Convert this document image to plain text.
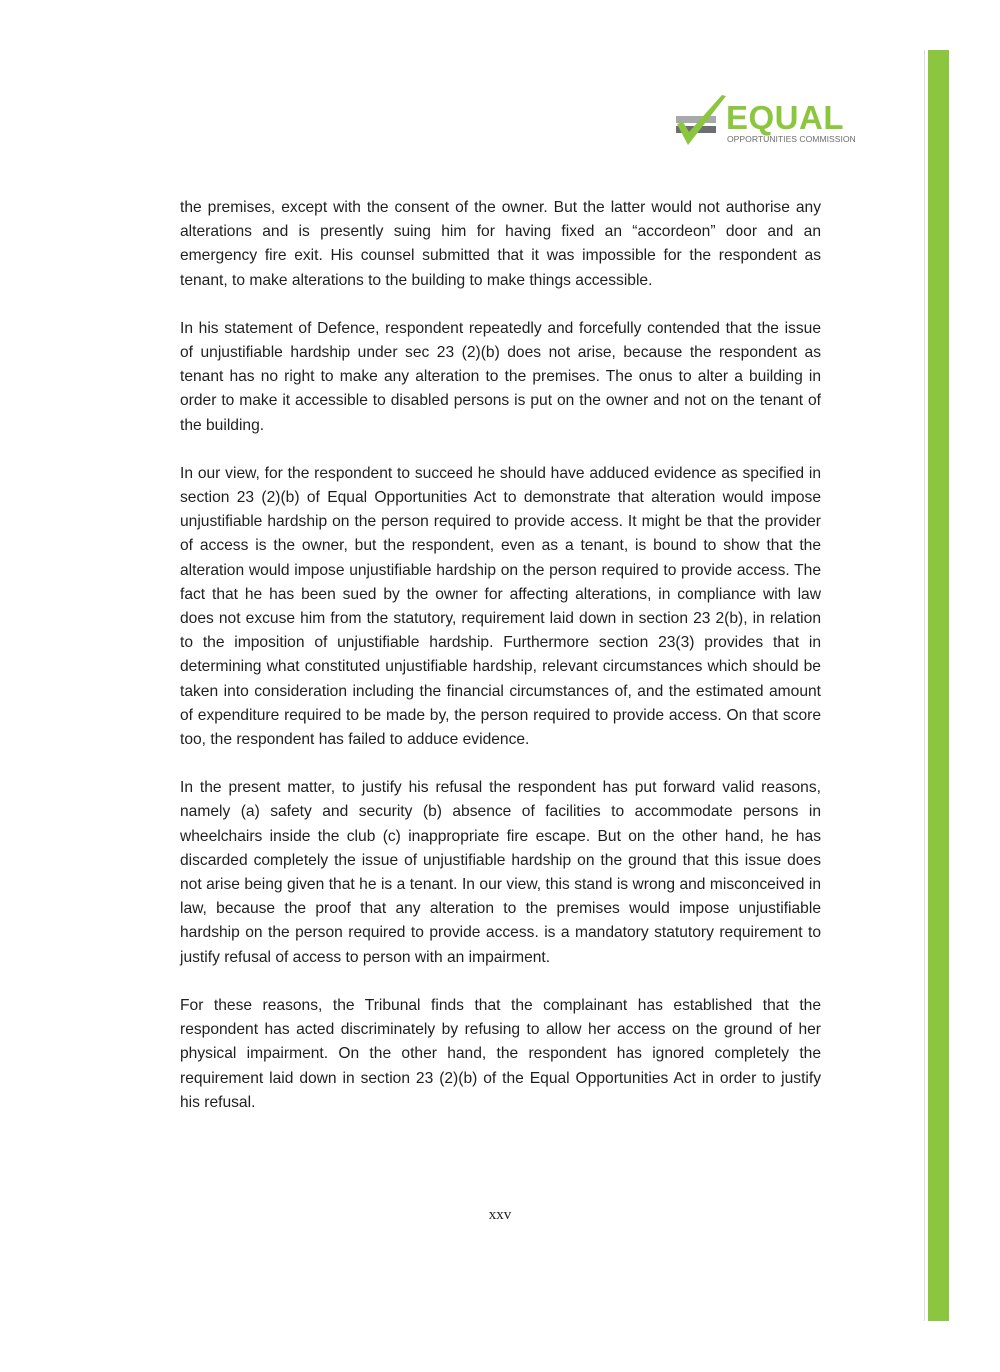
EQUAL
OPPORTUNITIES COMMISSION

the premises, except with the consent of the owner. But the latter would not authorise any alterations and is presently suing him for having fixed an “accordeon” door and an emergency fire exit. His counsel submitted that it was impossible for the respondent as tenant, to make alterations to the building to make things accessible.

In his statement of Defence, respondent repeatedly and forcefully contended that the issue of unjustifiable hardship under sec 23 (2)(b) does not arise, because the respondent as tenant has no right to make any alteration to the premises. The onus to alter a building in order to make it accessible to disabled persons is put on the owner and not on the tenant of the building.

In our view, for the respondent to succeed he should have adduced evidence as specified in section 23 (2)(b) of Equal Opportunities Act to demonstrate that alteration would impose unjustifiable hardship on the person required to provide access. It might be that the provider of access is the owner, but the respondent, even as a tenant, is bound to show that the alteration would impose unjustifiable hardship on the person required to provide access. The fact that he has been sued by the owner for affecting alterations, in compliance with law does not excuse him from the statutory, requirement laid down in section 23 2(b), in relation to the imposition of unjustifiable hardship. Furthermore section 23(3) provides that in determining what constituted unjustifiable hardship, relevant circumstances which should be taken into consideration including the financial circumstances of, and the estimated amount of expenditure required to be made by, the person required to provide access. On that score too, the respondent has failed to adduce evidence.

In the present matter, to justify his refusal the respondent has put forward valid reasons, namely (a) safety and security (b) absence of facilities to accommodate persons in wheelchairs inside the club (c) inappropriate fire escape. But on the other hand, he has discarded completely the issue of unjustifiable hardship on the ground that this issue does not arise being given that he is a tenant. In our view, this stand is wrong and misconceived in law, because the proof that any alteration to the premises would impose unjustifiable hardship on the person required to provide access. is a mandatory statutory requirement to justify refusal of access to person with an impairment.

For these reasons, the Tribunal finds that the complainant has established that the respondent has acted discriminately by refusing to allow her access on the ground of her physical impairment. On the other hand, the respondent has ignored completely the requirement laid down in section 23 (2)(b) of the Equal Opportunities Act in order to justify his refusal.

xxv
